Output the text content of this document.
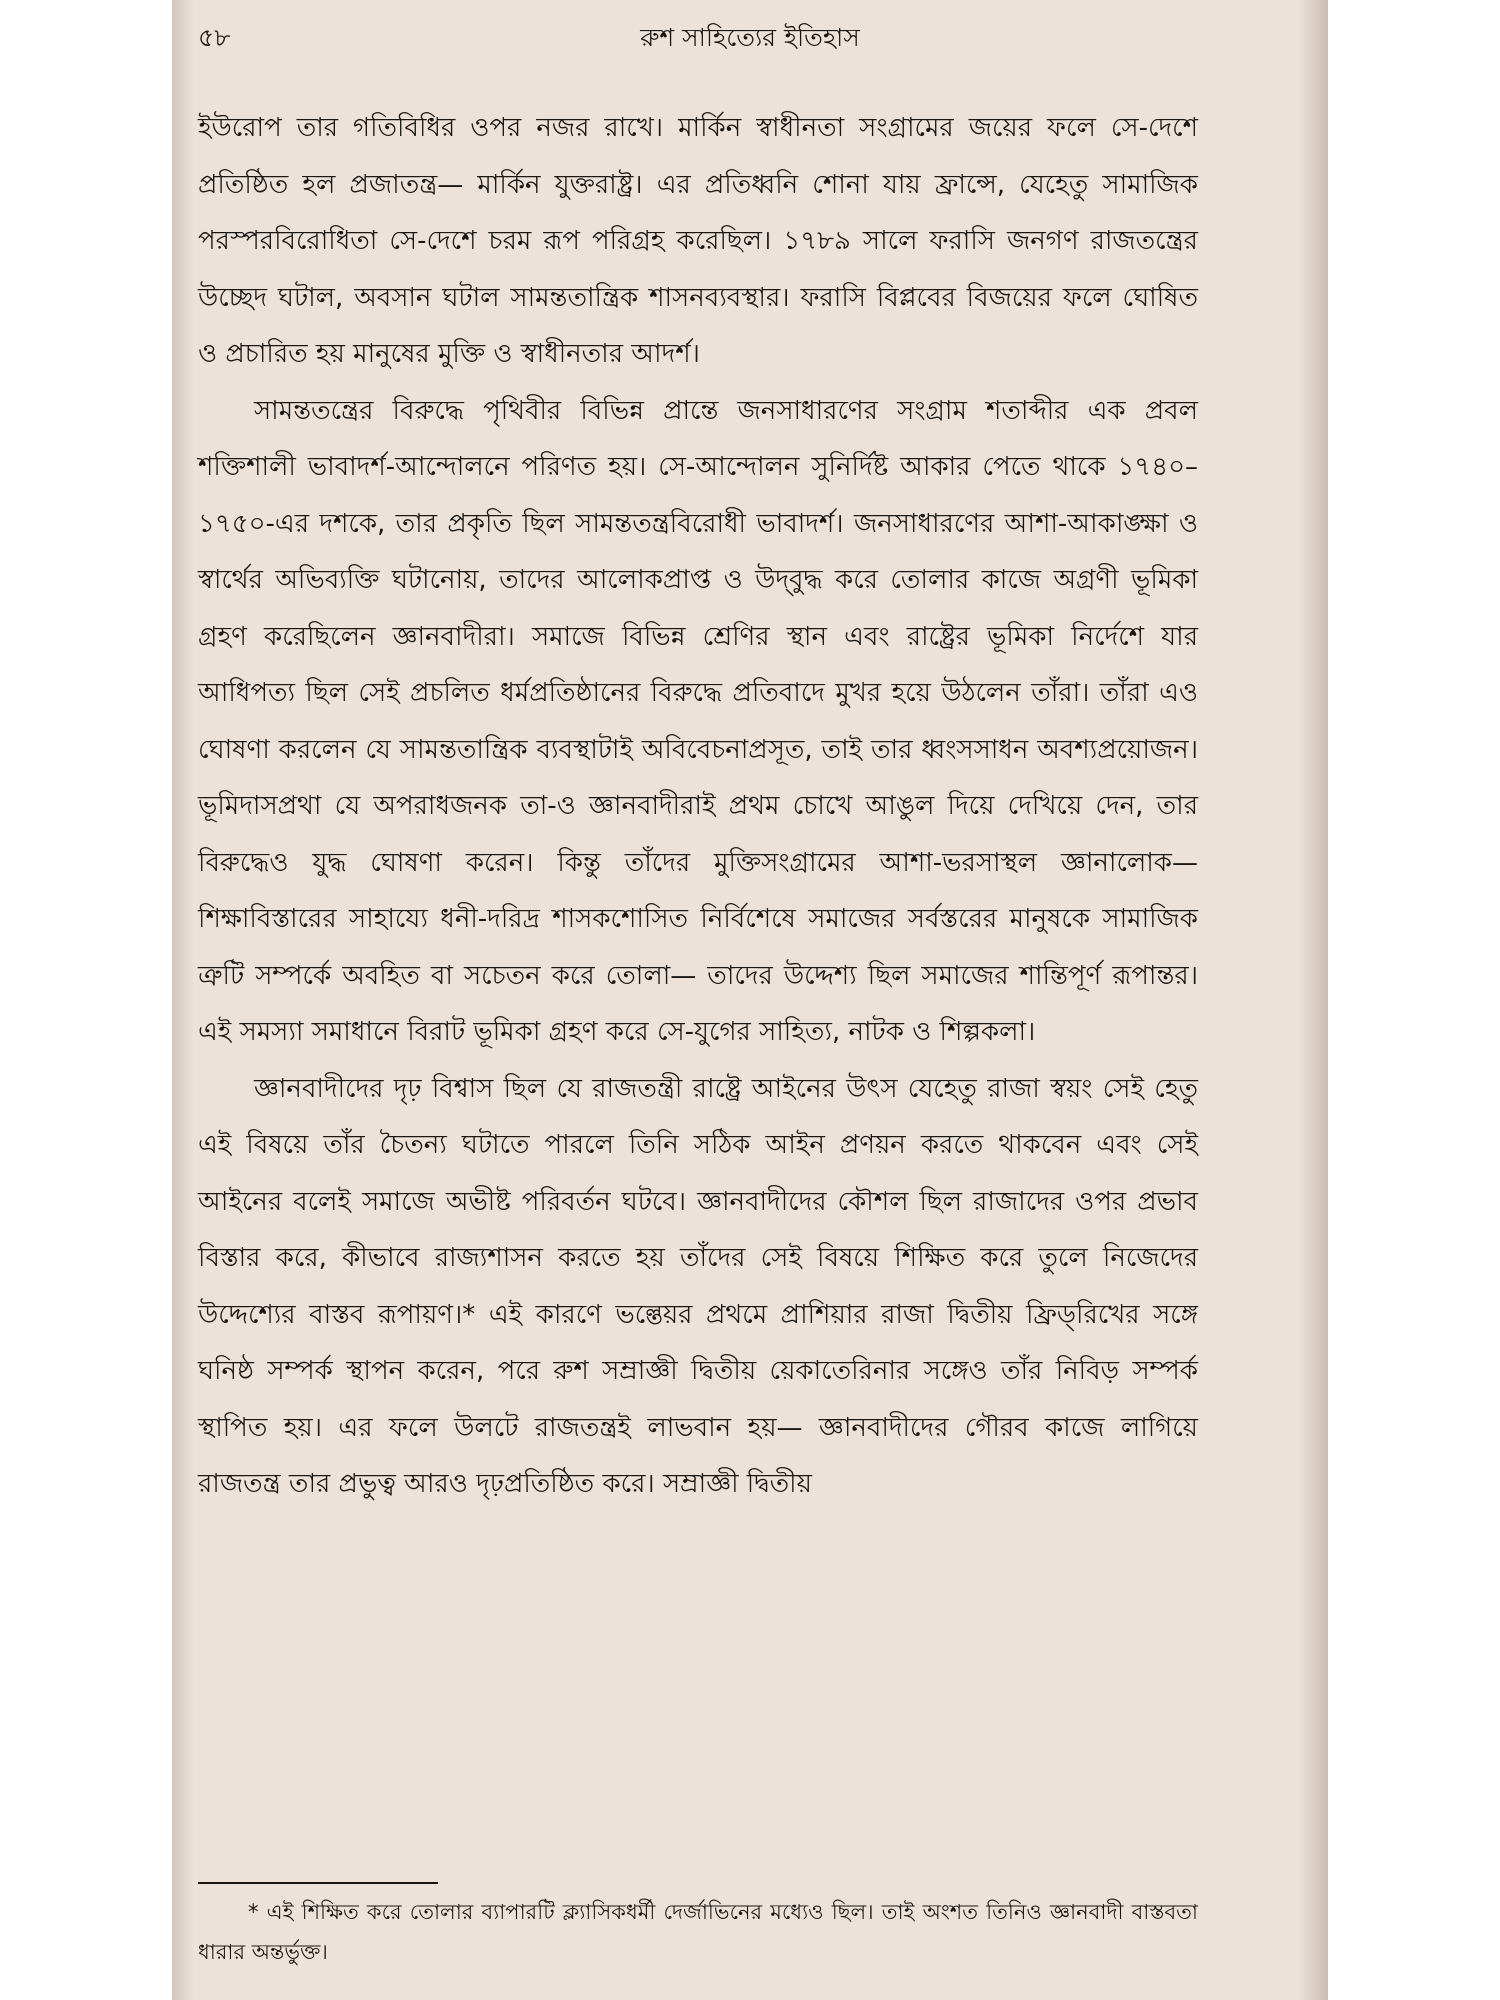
৫৮	রুশ সাহিত্যের ইতিহাস

ইউরোপ তার গতিবিধির ওপর নজর রাখে। মার্কিন স্বাধীনতা সংগ্রামের জয়ের ফলে সে-দেশে প্রতিষ্ঠিত হল প্রজাতন্ত্র— মার্কিন যুক্তরাষ্ট্র। এর প্রতিধ্বনি শোনা যায় ফ্রান্সে, যেহেতু সামাজিক পরস্পরবিরোধিতা সে-দেশে চরম রূপ পরিগ্রহ করেছিল। ১৭৮৯ সালে ফরাসি জনগণ রাজতন্ত্রের উচ্ছেদ ঘটাল, অবসান ঘটাল সামন্ততান্ত্রিক শাসনব্যবস্থার। ফরাসি বিপ্লবের বিজয়ের ফলে ঘোষিত ও প্রচারিত হয় মানুষের মুক্তি ও স্বাধীনতার আদর্শ।

সামন্ততন্ত্রের বিরুদ্ধে পৃথিবীর বিভিন্ন প্রান্তে জনসাধারণের সংগ্রাম শতাব্দীর এক প্রবল শক্তিশালী ভাবাদর্শ-আন্দোলনে পরিণত হয়। সে-আন্দোলন সুনির্দিষ্ট আকার পেতে থাকে ১৭৪০–১৭৫০-এর দশকে, তার প্রকৃতি ছিল সামন্ততন্ত্রবিরোধী ভাবাদর্শ। জনসাধারণের আশা-আকাঙ্ক্ষা ও স্বার্থের অভিব্যক্তি ঘটানোয়, তাদের আলোকপ্রাপ্ত ও উদ্‌বুদ্ধ করে তোলার কাজে অগ্রণী ভূমিকা গ্রহণ করেছিলেন জ্ঞানবাদীরা। সমাজে বিভিন্ন শ্রেণির স্থান এবং রাষ্ট্রের ভূমিকা নির্দেশে যার আধিপত্য ছিল সেই প্রচলিত ধর্মপ্রতিষ্ঠানের বিরুদ্ধে প্রতিবাদে মুখর হয়ে উঠলেন তাঁরা। তাঁরা এও ঘোষণা করলেন যে সামন্ততান্ত্রিক ব্যবস্থাটাই অবিবেচনাপ্রসূত, তাই তার ধ্বংসসাধন অবশ্যপ্রয়োজন। ভূমিদাসপ্রথা যে অপরাধজনক তা-ও জ্ঞানবাদীরাই প্রথম চোখে আঙুল দিয়ে দেখিয়ে দেন, তার বিরুদ্ধেও যুদ্ধ ঘোষণা করেন। কিন্তু তাঁদের মুক্তিসংগ্রামের আশা-ভরসাস্থল জ্ঞানালোক— শিক্ষাবিস্তারের সাহায্যে ধনী-দরিদ্র শাসকশোসিত নির্বিশেষে সমাজের সর্বস্তরের মানুষকে সামাজিক ত্রুটি সম্পর্কে অবহিত বা সচেতন করে তোলা— তাদের উদ্দেশ্য ছিল সমাজের শান্তিপূর্ণ রূপান্তর। এই সমস্যা সমাধানে বিরাট ভূমিকা গ্রহণ করে সে-যুগের সাহিত্য, নাটক ও শিল্পকলা।

জ্ঞানবাদীদের দৃঢ় বিশ্বাস ছিল যে রাজতন্ত্রী রাষ্ট্রে আইনের উৎস যেহেতু রাজা স্বয়ং সেই হেতু এই বিষয়ে তাঁর চৈতন্য ঘটাতে পারলে তিনি সঠিক আইন প্রণয়ন করতে থাকবেন এবং সেই আইনের বলেই সমাজে অভীষ্ট পরিবর্তন ঘটবে। জ্ঞানবাদীদের কৌশল ছিল রাজাদের ওপর প্রভাব বিস্তার করে, কীভাবে রাজ্যশাসন করতে হয় তাঁদের সেই বিষয়ে শিক্ষিত করে তুলে নিজেদের উদ্দেশ্যের বাস্তব রূপায়ণ।* এই কারণে ভল্তেয়র প্রথমে প্রাশিয়ার রাজা দ্বিতীয় ফ্রিড্‌রিখের সঙ্গে ঘনিষ্ঠ সম্পর্ক স্থাপন করেন, পরে রুশ সম্রাজ্ঞী দ্বিতীয় য়েকাতেরিনার সঙ্গেও তাঁর নিবিড় সম্পর্ক স্থাপিত হয়। এর ফলে উলটে রাজতন্ত্রই লাভবান হয়— জ্ঞানবাদীদের গৌরব কাজে লাগিয়ে রাজতন্ত্র তার প্রভুত্ব আরও দৃঢ়প্রতিষ্ঠিত করে। সম্রাজ্ঞী দ্বিতীয়

* এই শিক্ষিত করে তোলার ব্যাপারটি ক্ল্যাসিকধর্মী দের্জাভিনের মধ্যেও ছিল। তাই অংশত তিনিও জ্ঞানবাদী বাস্তবতা ধারার অন্তর্ভুক্ত।
